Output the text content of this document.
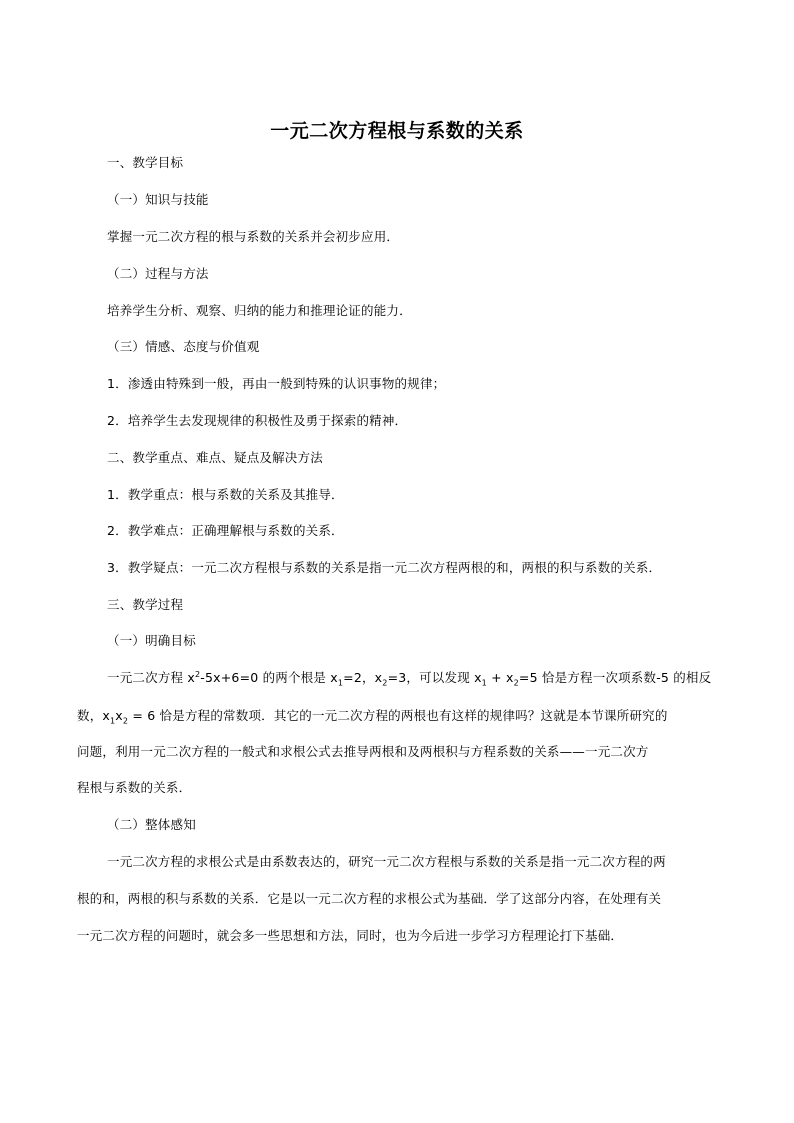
一元二次方程根与系数的关系
一、教学目标
（一）知识与技能
掌握一元二次方程的根与系数的关系并会初步应用．
（二）过程与方法
培养学生分析、观察、归纳的能力和推理论证的能力．
（三）情感、态度与价值观
1．渗透由特殊到一般，再由一般到特殊的认识事物的规律；
2．培养学生去发现规律的积极性及勇于探索的精神．
二、教学重点、难点、疑点及解决方法
1．教学重点：根与系数的关系及其推导．
2．教学难点：正确理解根与系数的关系．
3．教学疑点：一元二次方程根与系数的关系是指一元二次方程两根的和，两根的积与系数的关系．
三、教学过程
（一）明确目标
一元二次方程 $x^2-5x+6=0$ 的两个根是 $x_1=2$，$x_2=3$，可以发现 $x_1 + x_2=5$ 恰是方程一次项系数-5 的相反
数，$x_1x_2 = 6$ 恰是方程的常数项．其它的一元二次方程的两根也有这样的规律吗？这就是本节课所研究的
问题，利用一元二次方程的一般式和求根公式去推导两根和及两根积与方程系数的关系——一元二次方
程根与系数的关系．
（二）整体感知
一元二次方程的求根公式是由系数表达的，研究一元二次方程根与系数的关系是指一元二次方程的两
根的和，两根的积与系数的关系．它是以一元二次方程的求根公式为基础．学了这部分内容，在处理有关
一元二次方程的问题时，就会多一些思想和方法，同时，也为今后进一步学习方程理论打下基础．
